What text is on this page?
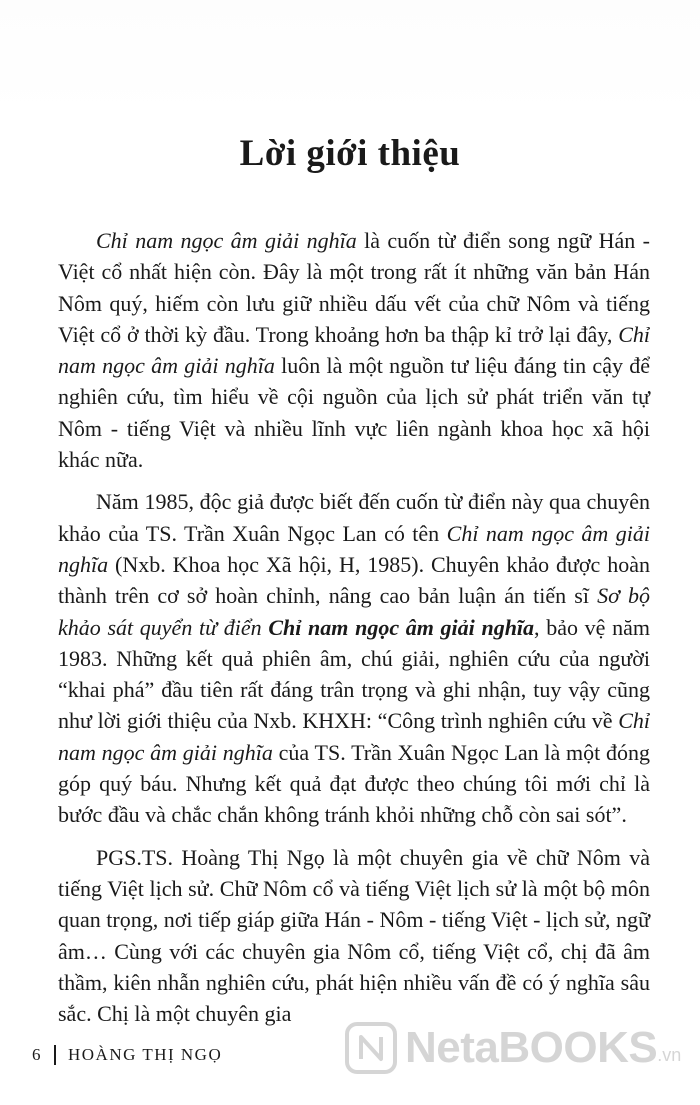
Lời giới thiệu

Chỉ nam ngọc âm giải nghĩa là cuốn từ điển song ngữ Hán - Việt cổ nhất hiện còn. Đây là một trong rất ít những văn bản Hán Nôm quý, hiếm còn lưu giữ nhiều dấu vết của chữ Nôm và tiếng Việt cổ ở thời kỳ đầu. Trong khoảng hơn ba thập kỉ trở lại đây, Chỉ nam ngọc âm giải nghĩa luôn là một nguồn tư liệu đáng tin cậy để nghiên cứu, tìm hiểu về cội nguồn của lịch sử phát triển văn tự Nôm - tiếng Việt và nhiều lĩnh vực liên ngành khoa học xã hội khác nữa.

Năm 1985, độc giả được biết đến cuốn từ điển này qua chuyên khảo của TS. Trần Xuân Ngọc Lan có tên Chỉ nam ngọc âm giải nghĩa (Nxb. Khoa học Xã hội, H, 1985). Chuyên khảo được hoàn thành trên cơ sở hoàn chỉnh, nâng cao bản luận án tiến sĩ Sơ bộ khảo sát quyển từ điển Chỉ nam ngọc âm giải nghĩa, bảo vệ năm 1983. Những kết quả phiên âm, chú giải, nghiên cứu của người “khai phá” đầu tiên rất đáng trân trọng và ghi nhận, tuy vậy cũng như lời giới thiệu của Nxb. KHXH: “Công trình nghiên cứu về Chỉ nam ngọc âm giải nghĩa của TS. Trần Xuân Ngọc Lan là một đóng góp quý báu. Nhưng kết quả đạt được theo chúng tôi mới chỉ là bước đầu và chắc chắn không tránh khỏi những chỗ còn sai sót”.

PGS.TS. Hoàng Thị Ngọ là một chuyên gia về chữ Nôm và tiếng Việt lịch sử. Chữ Nôm cổ và tiếng Việt lịch sử là một bộ môn quan trọng, nơi tiếp giáp giữa Hán - Nôm - tiếng Việt - lịch sử, ngữ âm… Cùng với các chuyên gia Nôm cổ, tiếng Việt cổ, chị đã âm thầm, kiên nhẫn nghiên cứu, phát hiện nhiều vấn đề có ý nghĩa sâu sắc. Chị là một chuyên gia

6 HOÀNG THỊ NGỌ	NetaBOOKS .vn
